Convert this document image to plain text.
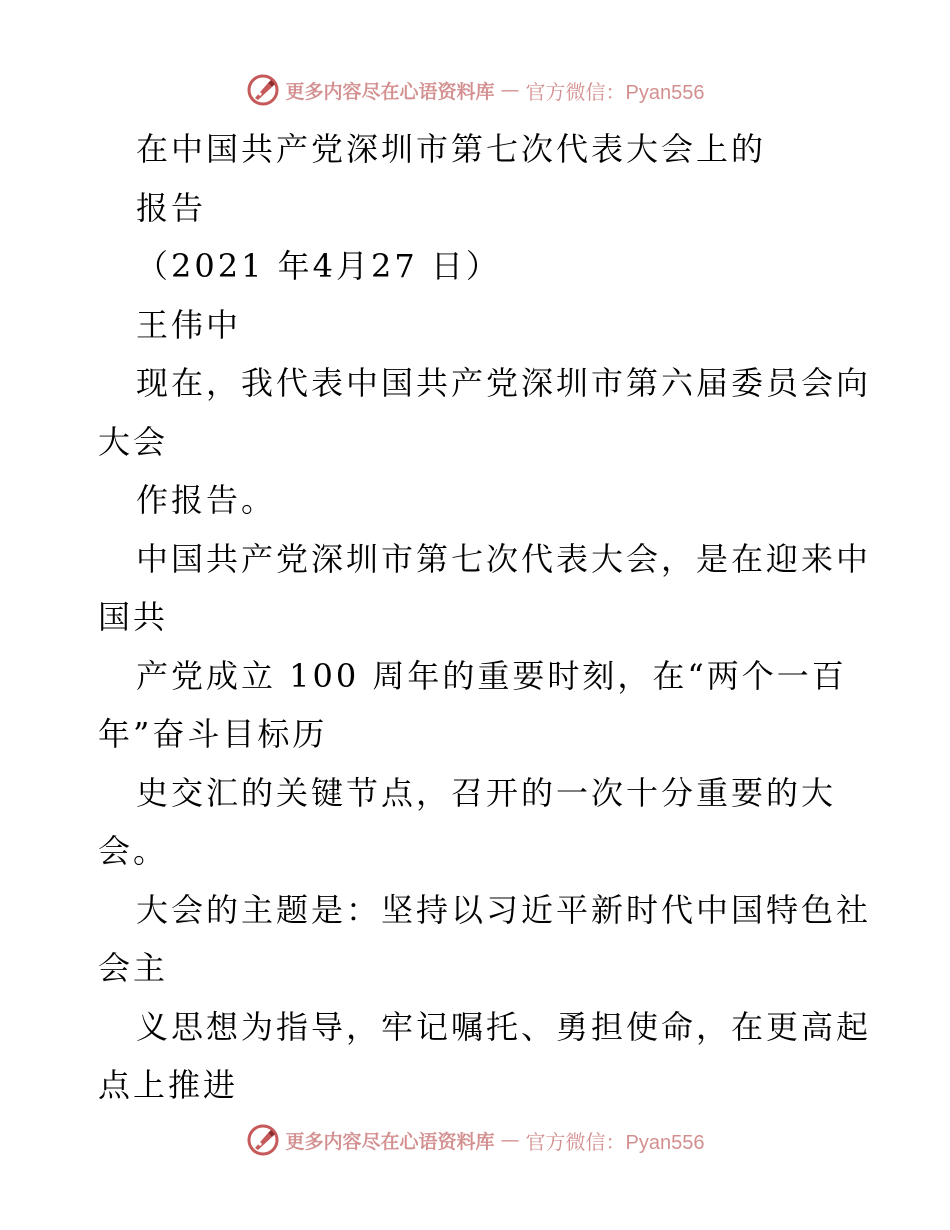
更多内容尽在心语资料库 — 官方微信：Pyan556
在中国共产党深圳市第七次代表大会上的
报告
（2021 年4月27 日）
王伟中
现在，我代表中国共产党深圳市第六届委员会向
大会
作报告。
中国共产党深圳市第七次代表大会，是在迎来中
国共
产党成立 100 周年的重要时刻，在“两个一百
年”奋斗目标历
史交汇的关键节点，召开的一次十分重要的大
会。
大会的主题是：坚持以习近平新时代中国特色社
会主
义思想为指导，牢记嘱托、勇担使命，在更高起
点上推进
更多内容尽在心语资料库 — 官方微信：Pyan556
